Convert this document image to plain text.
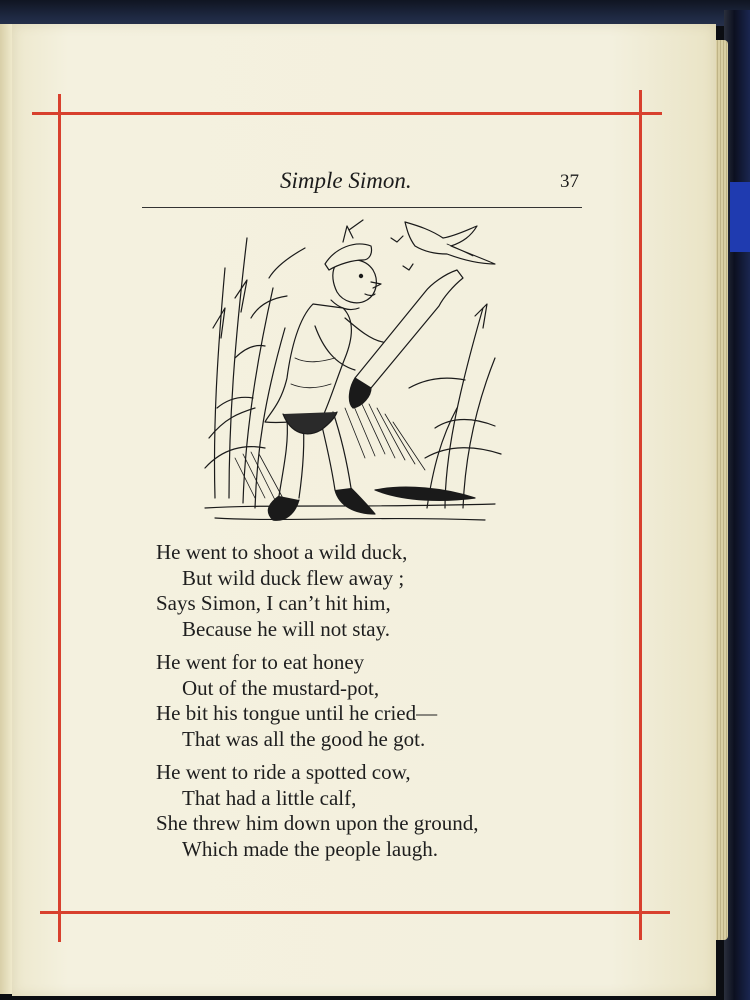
Simple Simon.	37
He went to shoot a wild duck,
But wild duck flew away ;
Says Simon, I can’t hit him,
Because he will not stay.
He went for to eat honey
Out of the mustard-pot,
He bit his tongue until he cried—
That was all the good he got.
He went to ride a spotted cow,
That had a little calf,
She threw him down upon the ground,
Which made the people laugh.
